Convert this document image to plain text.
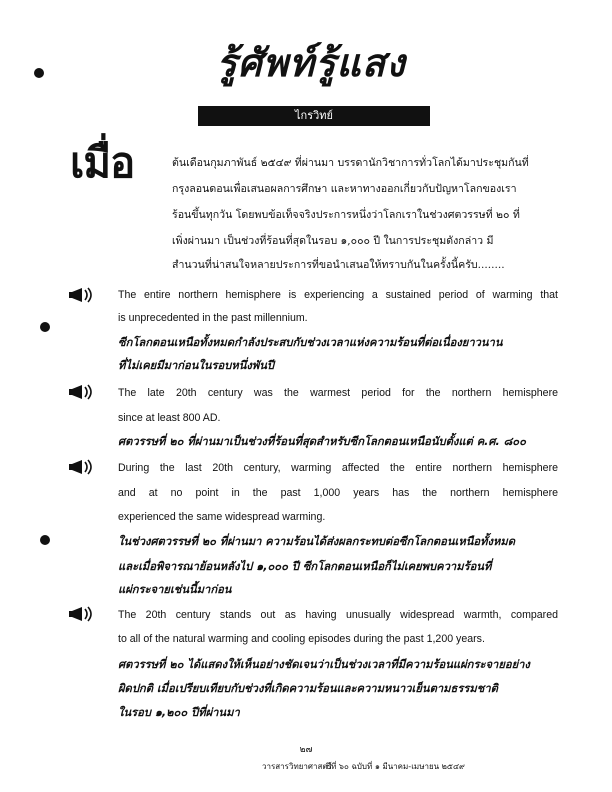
รู้ศัพท์รู้แสง
ไกรวิทย์
เมื่อ	ต้นเดือนกุมภาพันธ์ ๒๕๔๙ ที่ผ่านมา บรรดานักวิชาการทั่วโลกได้มาประชุมกันที่
กรุงลอนดอนเพื่อเสนอผลการศึกษา และหาทางออกเกี่ยวกับปัญหาโลกของเรา
ร้อนขึ้นทุกวัน โดยพบข้อเท็จจริงประการหนึ่งว่าโลกเราในช่วงศตวรรษที่ ๒๐ ที่
เพิ่งผ่านมา เป็นช่วงที่ร้อนที่สุดในรอบ ๑,๐๐๐ ปี ในการประชุมดังกล่าว มี
สำนวนที่น่าสนใจหลายประการที่ขอนำเสนอให้ทราบกันในครั้งนี้ครับ........
The entire northern hemisphere is experiencing a sustained period of warming that
is unprecedented in the past millennium.
ซีกโลกตอนเหนือทั้งหมดกำลังประสบกับช่วงเวลาแห่งความร้อนที่ต่อเนื่องยาวนาน
ที่ไม่เคยมีมาก่อนในรอบหนึ่งพันปี
The late 20th century was the warmest period for the northern hemisphere
since at least 800 AD.
ศตวรรษที่ ๒๐ ที่ผ่านมาเป็นช่วงที่ร้อนที่สุดสำหรับซีกโลกตอนเหนือนับตั้งแต่ ค.ศ. ๘๐๐
During the last 20th century, warming affected the entire northern hemisphere
and at no point in the past 1,000 years has the northern hemisphere
experienced the same widespread warming.
ในช่วงศตวรรษที่ ๒๐ ที่ผ่านมา ความร้อนได้ส่งผลกระทบต่อซีกโลกตอนเหนือทั้งหมด
และเมื่อพิจารณาย้อนหลังไป ๑,๐๐๐ ปี ซีกโลกตอนเหนือก็ไม่เคยพบความร้อนที่
แผ่กระจายเช่นนี้มาก่อน
The 20th century stands out as having unusually widespread warmth, compared
to all of the natural warming and cooling episodes during the past 1,200 years.
ศตวรรษที่ ๒๐ ได้แสดงให้เห็นอย่างชัดเจนว่าเป็นช่วงเวลาที่มีความร้อนแผ่กระจายอย่าง
ผิดปกติ เมื่อเปรียบเทียบกับช่วงที่เกิดความร้อนและความหนาวเย็นตามธรรมชาติ
ในรอบ ๑,๒๐๐ ปีที่ผ่านมา
๒๗
วารสารวิทยาศาสตร์
ปีที่ ๖๐ ฉบับที่ ๑ มีนาคม-เมษายน ๒๕๔๙
